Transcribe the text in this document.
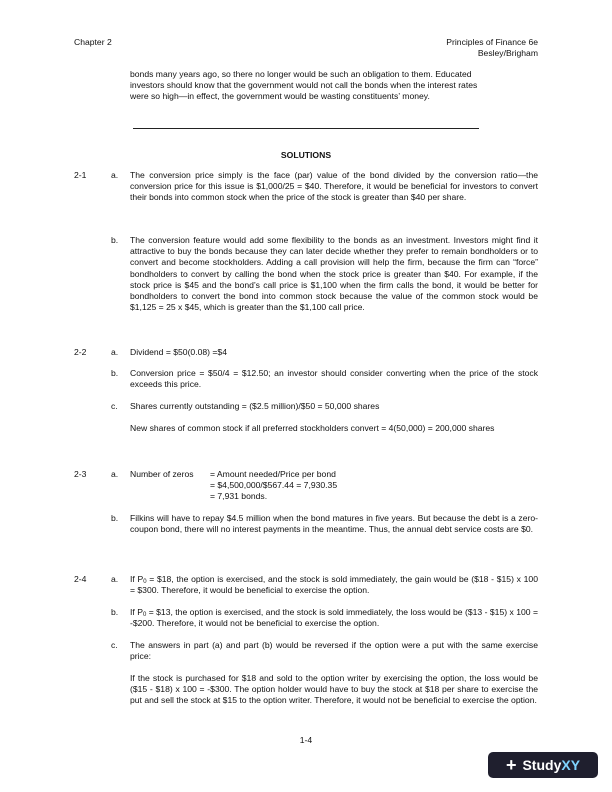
Chapter 2	Principles of Finance 6e
Besley/Brigham
bonds many years ago, so there no longer would be such an obligation to them. Educated
investors should know that the government would not call the bonds when the interest rates
were so high—in effect, the government would be wasting constituents’ money.
SOLUTIONS
2-1	a. The conversion price simply is the face (par) value of the bond divided by the conversion ratio—the conversion price for this issue is $1,000/25 = $40. Therefore, it would be beneficial for investors to convert their bonds into common stock when the price of the stock is greater than $40 per share.
b. The conversion feature would add some flexibility to the bonds as an investment. Investors might find it attractive to buy the bonds because they can later decide whether they prefer to remain bondholders or to convert and become stockholders. Adding a call provision will help the firm, because the firm can “force” bondholders to convert by calling the bond when the stock price is greater than $40. For example, if the stock price is $45 and the bond’s call price is $1,100 when the firm calls the bond, it would be better for bondholders to convert the bond into common stock because the value of the common stock would be $1,125 = 25 x $45, which is greater than the $1,100 call price.
2-2	a. Dividend = $50(0.08) =$4
b. Conversion price = $50/4 = $12.50; an investor should consider converting when the price of the stock exceeds this price.
c. Shares currently outstanding = ($2.5 million)/$50 = 50,000 shares
New shares of common stock if all preferred stockholders convert = 4(50,000) = 200,000 shares
2-3	a. Number of zeros = Amount needed/Price per bond
= $4,500,000/$567.44 = 7,930.35
= 7,931 bonds.
b. Filkins will have to repay $4.5 million when the bond matures in five years. But because the debt is a zero-coupon bond, there will no interest payments in the meantime. Thus, the annual debt service costs are $0.
2-4	a. If $P_0$ = $18, the option is exercised, and the stock is sold immediately, the gain would be ($18 - $15) x 100 = $300. Therefore, it would be beneficial to exercise the option.
b. If $P_0$ = $13, the option is exercised, and the stock is sold immediately, the loss would be ($13 - $15) x 100 = -$200. Therefore, it would not be beneficial to exercise the option.
c. The answers in part (a) and part (b) would be reversed if the option were a put with the same exercise price:
If the stock is purchased for $18 and sold to the option writer by exercising the option, the loss would be ($15 - $18) x 100 = -$300. The option holder would have to buy the stock at $18 per share to exercise the put and sell the stock at $15 to the option writer. Therefore, it would not be beneficial to exercise the option.
1-4
+ StudyXY
